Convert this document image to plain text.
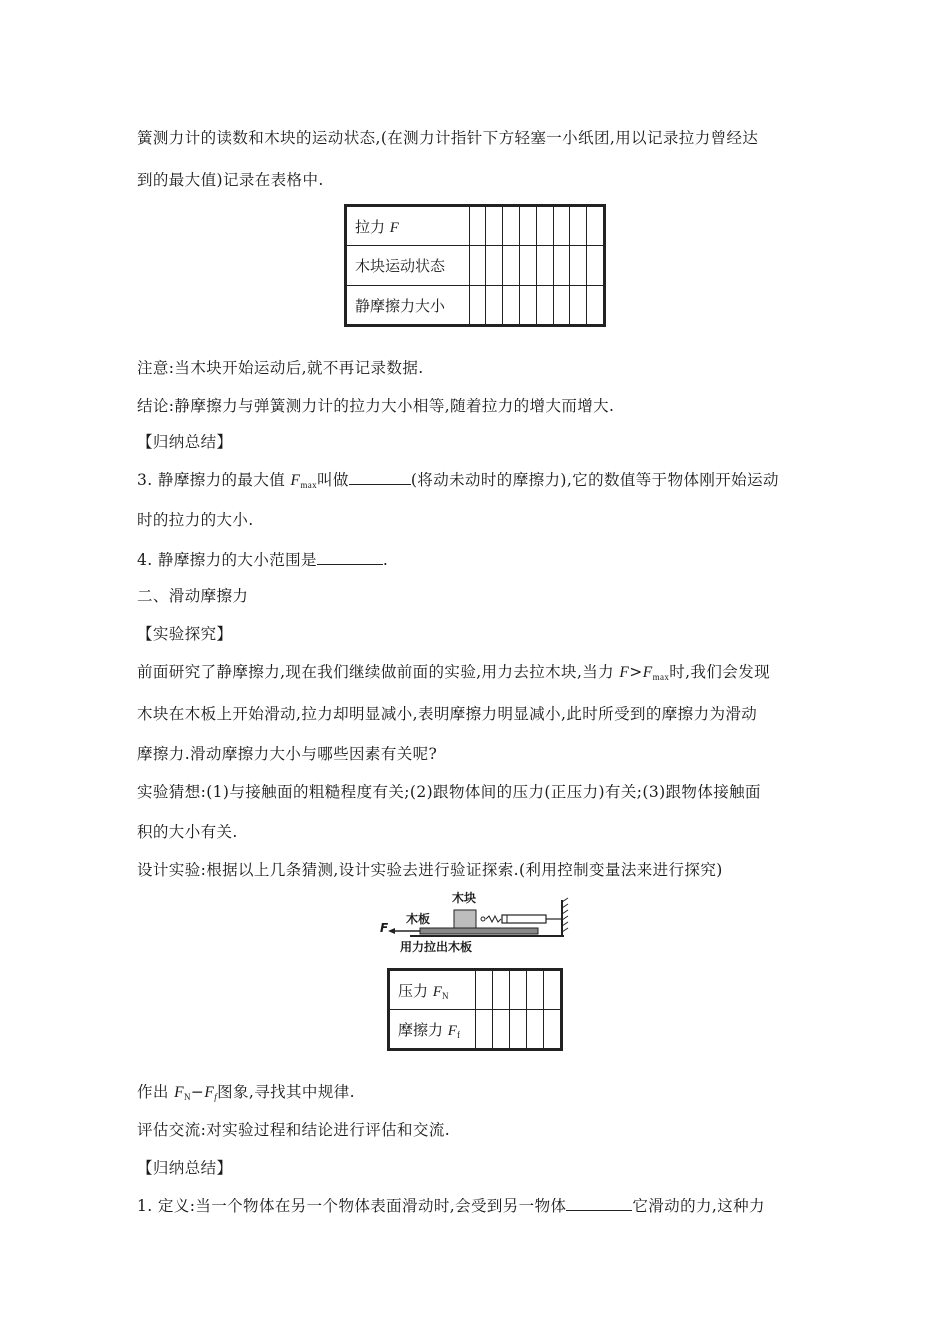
簧测力计的读数和木块的运动状态,(在测力计指针下方轻塞一小纸团,用以记录拉力曾经达
到的最大值)记录在表格中.
拉力 F								
木块运动状态								
静摩擦力大小								
注意:当木块开始运动后,就不再记录数据.
结论:静摩擦力与弹簧测力计的拉力大小相等,随着拉力的增大而增大.
【归纳总结】
3. 静摩擦力的最大值 Fmax叫做	(将动未动时的摩擦力),它的数值等于物体刚开始运动
时的拉力的大小.
4. 静摩擦力的大小范围是	.
二、滑动摩擦力
【实验探究】
前面研究了静摩擦力,现在我们继续做前面的实验,用力去拉木块,当力 F>Fmax时,我们会发现
木块在木板上开始滑动,拉力却明显减小,表明摩擦力明显减小,此时所受到的摩擦力为滑动
摩擦力.滑动摩擦力大小与哪些因素有关呢?
实验猜想:(1)与接触面的粗糙程度有关;(2)跟物体间的压力(正压力)有关;(3)跟物体接触面
积的大小有关.
设计实验:根据以上几条猜测,设计实验去进行验证探索.(利用控制变量法来进行探究)
木块
木板
F
用力拉出木板
压力 $F_N$					
摩擦力 $F_f$					
作出 FN−Ff图象,寻找其中规律.
评估交流:对实验过程和结论进行评估和交流.
【归纳总结】
1. 定义:当一个物体在另一个物体表面滑动时,会受到另一物体	它滑动的力,这种力
